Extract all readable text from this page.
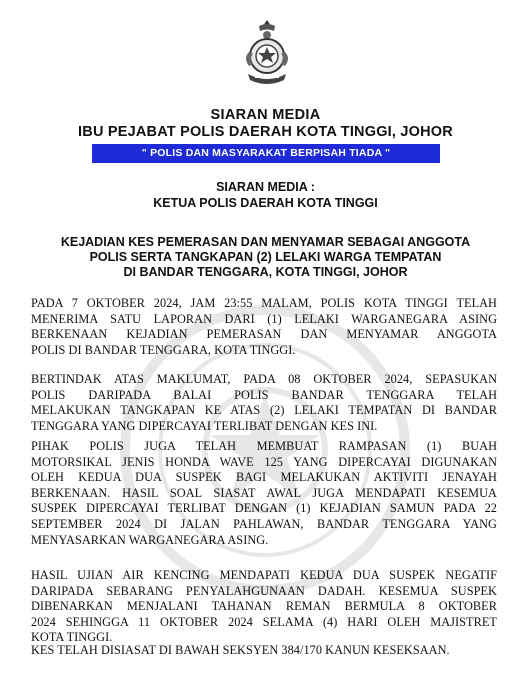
SIARAN MEDIA
IBU PEJABAT POLIS DAERAH KOTA TINGGI, JOHOR
" POLIS DAN MASYARAKAT BERPISAH TIADA "
SIARAN MEDIA :
KETUA POLIS DAERAH KOTA TINGGI
KEJADIAN KES PEMERASAN DAN MENYAMAR SEBAGAI ANGGOTA
POLIS SERTA TANGKAPAN (2) LELAKI WARGA TEMPATAN
DI BANDAR TENGGARA, KOTA TINGGI, JOHOR
PADA 7 OKTOBER 2024, JAM 23:55 MALAM, POLIS KOTA TINGGI TELAH
MENERIMA SATU LAPORAN DARI (1) LELAKI WARGANEGARA ASING
BERKENAAN KEJADIAN PEMERASAN DAN MENYAMAR ANGGOTA
POLIS DI BANDAR TENGGARA, KOTA TINGGI.
BERTINDAK ATAS MAKLUMAT, PADA 08 OKTOBER 2024, SEPASUKAN
POLIS DARIPADA BALAI POLIS BANDAR TENGGARA TELAH
MELAKUKAN TANGKAPAN KE ATAS (2) LELAKI TEMPATAN DI BANDAR
TENGGARA YANG DIPERCAYAI TERLIBAT DENGAN KES INI.
PIHAK POLIS JUGA TELAH MEMBUAT RAMPASAN (1) BUAH
MOTORSIKAL JENIS HONDA WAVE 125 YANG DIPERCAYAI DIGUNAKAN
OLEH KEDUA DUA SUSPEK BAGI MELAKUKAN AKTIVITI JENAYAH
BERKENAAN. HASIL SOAL SIASAT AWAL JUGA MENDAPATI KESEMUA
SUSPEK DIPERCAYAI TERLIBAT DENGAN (1) KEJADIAN SAMUN PADA 22
SEPTEMBER 2024 DI JALAN PAHLAWAN, BANDAR TENGGARA YANG
MENYASARKAN WARGANEGARA ASING.
HASIL UJIAN AIR KENCING MENDAPATI KEDUA DUA SUSPEK NEGATIF
DARIPADA SEBARANG PENYALAHGUNAAN DADAH. KESEMUA SUSPEK
DIBENARKAN MENJALANI TAHANAN REMAN BERMULA 8 OKTOBER
2024 SEHINGGA 11 OKTOBER 2024 SELAMA (4) HARI OLEH MAJISTRET
KOTA TINGGI.
KES TELAH DISIASAT DI BAWAH SEKSYEN 384/170 KANUN KESEKSAAN.
